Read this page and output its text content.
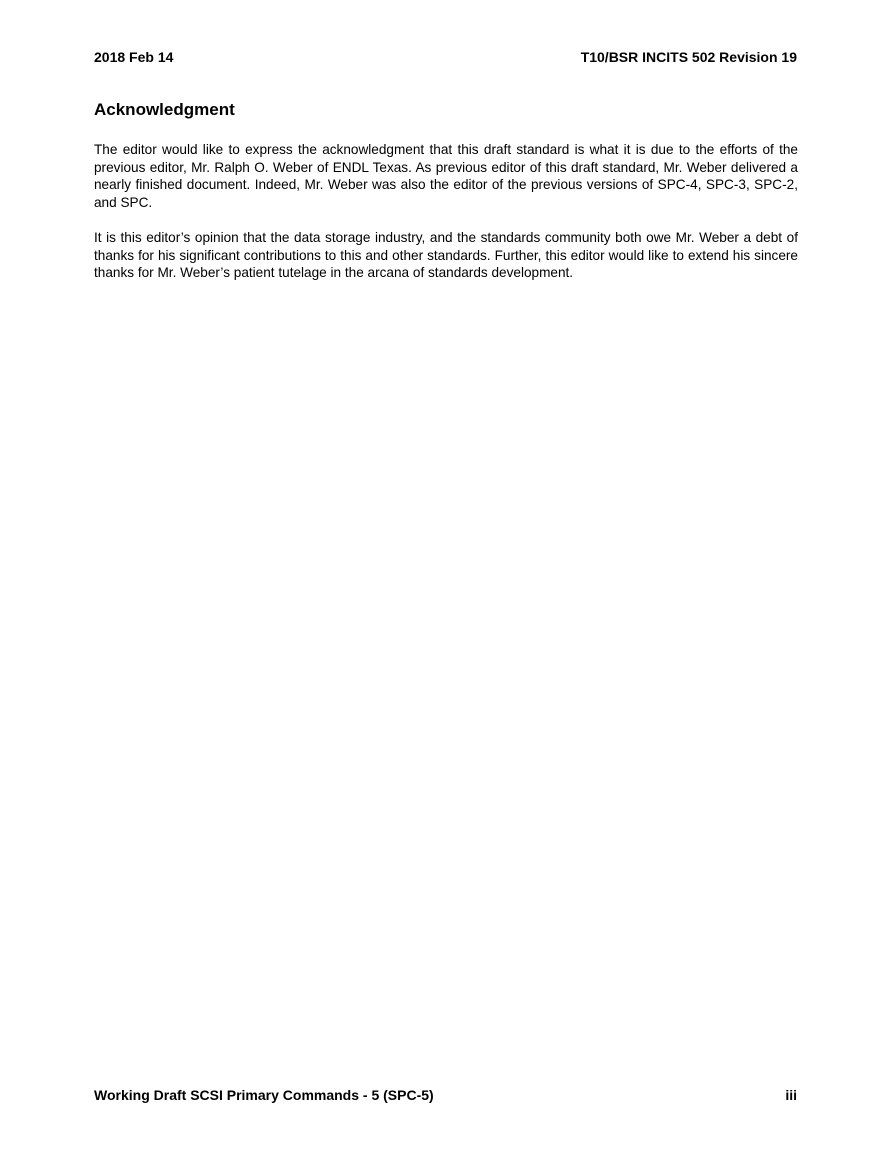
2018 Feb 14	T10/BSR INCITS 502 Revision 19
Acknowledgment

The editor would like to express the acknowledgment that this draft standard is what it is due to the efforts of the previous editor, Mr. Ralph O. Weber of ENDL Texas. As previous editor of this draft standard, Mr. Weber delivered a nearly finished document. Indeed, Mr. Weber was also the editor of the previous versions of SPC-4, SPC-3, SPC-2, and SPC.

It is this editor’s opinion that the data storage industry, and the standards community both owe Mr. Weber a debt of thanks for his significant contributions to this and other standards. Further, this editor would like to extend his sincere thanks for Mr. Weber’s patient tutelage in the arcana of standards development.

Working Draft SCSI Primary Commands - 5 (SPC-5)	iii
